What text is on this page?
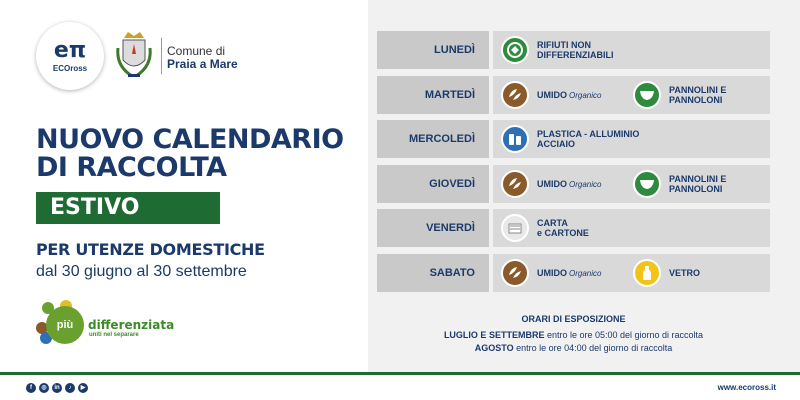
eπ
ECOross
Comune di
Praia a Mare
NUOVO CALENDARIO
DI RACCOLTA
ESTIVO
PER UTENZE DOMESTICHE
dal 30 giugno al 30 settembre
più	differenziata
uniti nel separare
LUNEDÌ	RIFIUTI NON
DIFFERENZIABILI
MARTEDÌ	UMIDO Organico	PANNOLINI E
PANNOLONI
MERCOLEDÌ	PLASTICA - ALLUMINIO
ACCIAIO
GIOVEDÌ	UMIDO Organico	PANNOLINI E
PANNOLONI
VENERDÌ	CARTA
e CARTONE
SABATO	UMIDO Organico	VETRO
ORARI DI ESPOSIZIONE
LUGLIO E SETTEMBRE entro le ore 05:00 del giorno di raccolta
AGOSTO entro le ore 04:00 del giorno di raccolta
f	◎	in	♪	▶	www.ecoross.it
